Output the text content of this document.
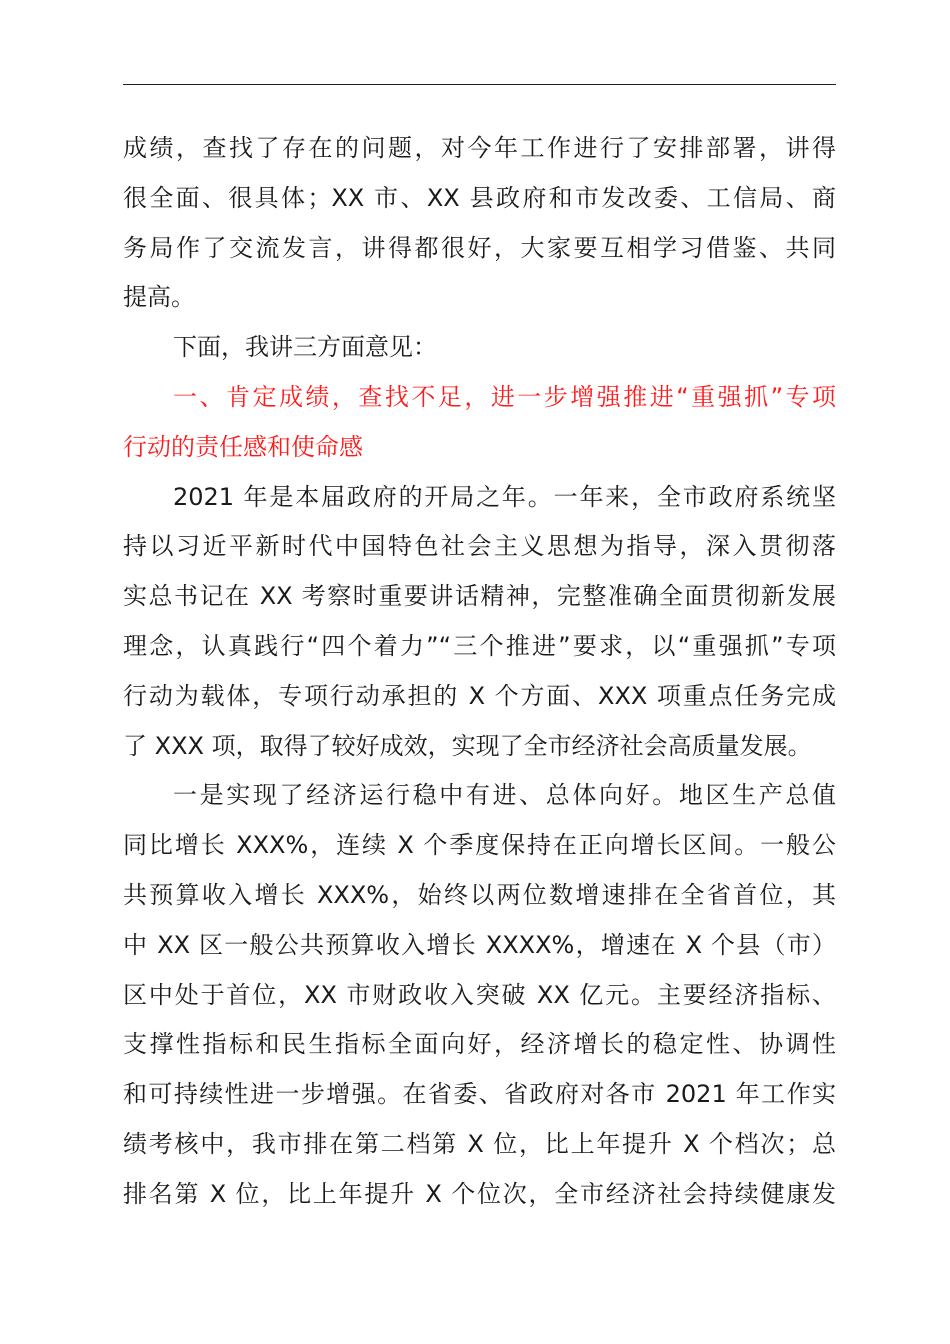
成绩，查找了存在的问题，对今年工作进行了安排部署，讲得
很全面、很具体；XX 市、XX 县政府和市发改委、工信局、商
务局作了交流发言，讲得都很好，大家要互相学习借鉴、共同
提高。
下面，我讲三方面意见：
一、肯定成绩，查找不足，进一步增强推进“重强抓”专项
行动的责任感和使命感
2021 年是本届政府的开局之年。一年来，全市政府系统坚
持以习近平新时代中国特色社会主义思想为指导，深入贯彻落
实总书记在 XX 考察时重要讲话精神，完整准确全面贯彻新发展
理念，认真践行“四个着力”“三个推进”要求，以“重强抓”专项
行动为载体，专项行动承担的 X 个方面、XXX 项重点任务完成
了 XXX 项，取得了较好成效，实现了全市经济社会高质量发展。
一是实现了经济运行稳中有进、总体向好。地区生产总值
同比增长 XXX%，连续 X 个季度保持在正向增长区间。一般公
共预算收入增长 XXX%，始终以两位数增速排在全省首位，其
中 XX 区一般公共预算收入增长 XXXX%，增速在 X 个县（市）
区中处于首位，XX 市财政收入突破 XX 亿元。主要经济指标、
支撑性指标和民生指标全面向好，经济增长的稳定性、协调性
和可持续性进一步增强。在省委、省政府对各市 2021 年工作实
绩考核中，我市排在第二档第 X 位，比上年提升 X 个档次；总
排名第 X 位，比上年提升 X 个位次，全市经济社会持续健康发
